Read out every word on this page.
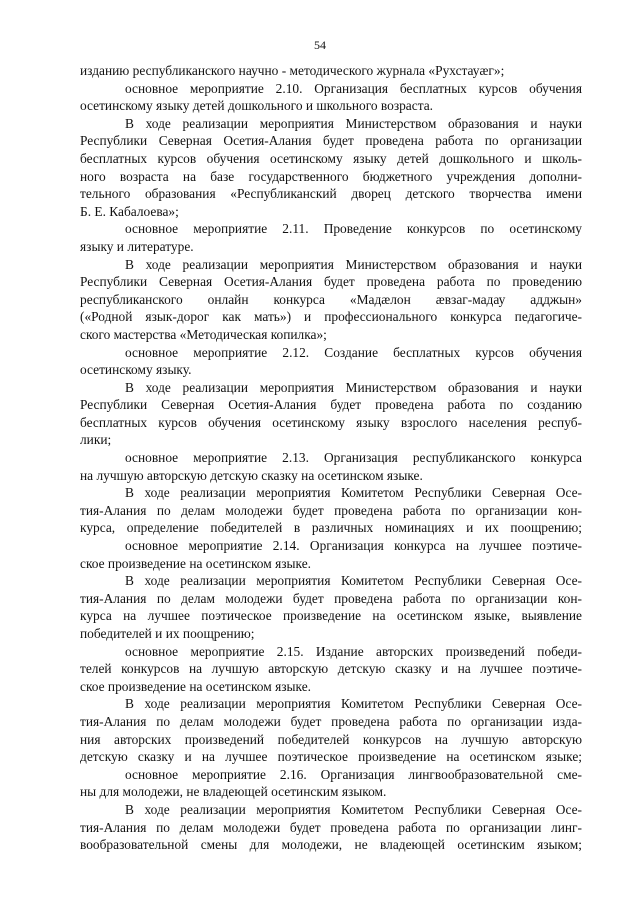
54
изданию республиканского научно - методического журнала «Рухстауæг»;
основное мероприятие 2.10. Организация бесплатных курсов обучения
осетинскому языку детей дошкольного и школьного возраста.
В ходе реализации мероприятия Министерством образования и науки
Республики Северная Осетия-Алания будет проведена работа по организации
бесплатных курсов обучения осетинскому языку детей дошкольного и школь-
ного возраста на базе государственного бюджетного учреждения дополни-
тельного образования «Республиканский дворец детского творчества имени
Б. Е. Кабалоева»;
основное мероприятие 2.11. Проведение конкурсов по осетинскому
языку и литературе.
В ходе реализации мероприятия Министерством образования и науки
Республики Северная Осетия-Алания будет проведена работа по проведению
республиканского онлайн конкурса «Мадæлон æвзаг-мадау адджын»
(«Родной язык-дорог как мать») и профессионального конкурса педагогиче-
ского мастерства «Методическая копилка»;
основное мероприятие 2.12. Создание бесплатных курсов обучения
осетинскому языку.
В ходе реализации мероприятия Министерством образования и науки
Республики Северная Осетия-Алания будет проведена работа по созданию
бесплатных курсов обучения осетинскому языку взрослого населения респуб-
лики;
основное мероприятие 2.13. Организация республиканского конкурса
на лучшую авторскую детскую сказку на осетинском языке.
В ходе реализации мероприятия Комитетом Республики Северная Осе-
тия-Алания по делам молодежи будет проведена работа по организации кон-
курса, определение победителей в различных номинациях и их поощрению;
основное мероприятие 2.14. Организация конкурса на лучшее поэтиче-
ское произведение на осетинском языке.
В ходе реализации мероприятия Комитетом Республики Северная Осе-
тия-Алания по делам молодежи будет проведена работа по организации кон-
курса на лучшее поэтическое произведение на осетинском языке, выявление
победителей и их поощрению;
основное мероприятие 2.15. Издание авторских произведений победи-
телей конкурсов на лучшую авторскую детскую сказку и на лучшее поэтиче-
ское произведение на осетинском языке.
В ходе реализации мероприятия Комитетом Республики Северная Осе-
тия-Алания по делам молодежи будет проведена работа по организации изда-
ния авторских произведений победителей конкурсов на лучшую авторскую
детскую сказку и на лучшее поэтическое произведение на осетинском языке;
основное мероприятие 2.16. Организация лингвообразовательной сме-
ны для молодежи, не владеющей осетинским языком.
В ходе реализации мероприятия Комитетом Республики Северная Осе-
тия-Алания по делам молодежи будет проведена работа по организации линг-
вообразовательной смены для молодежи, не владеющей осетинским языком;
